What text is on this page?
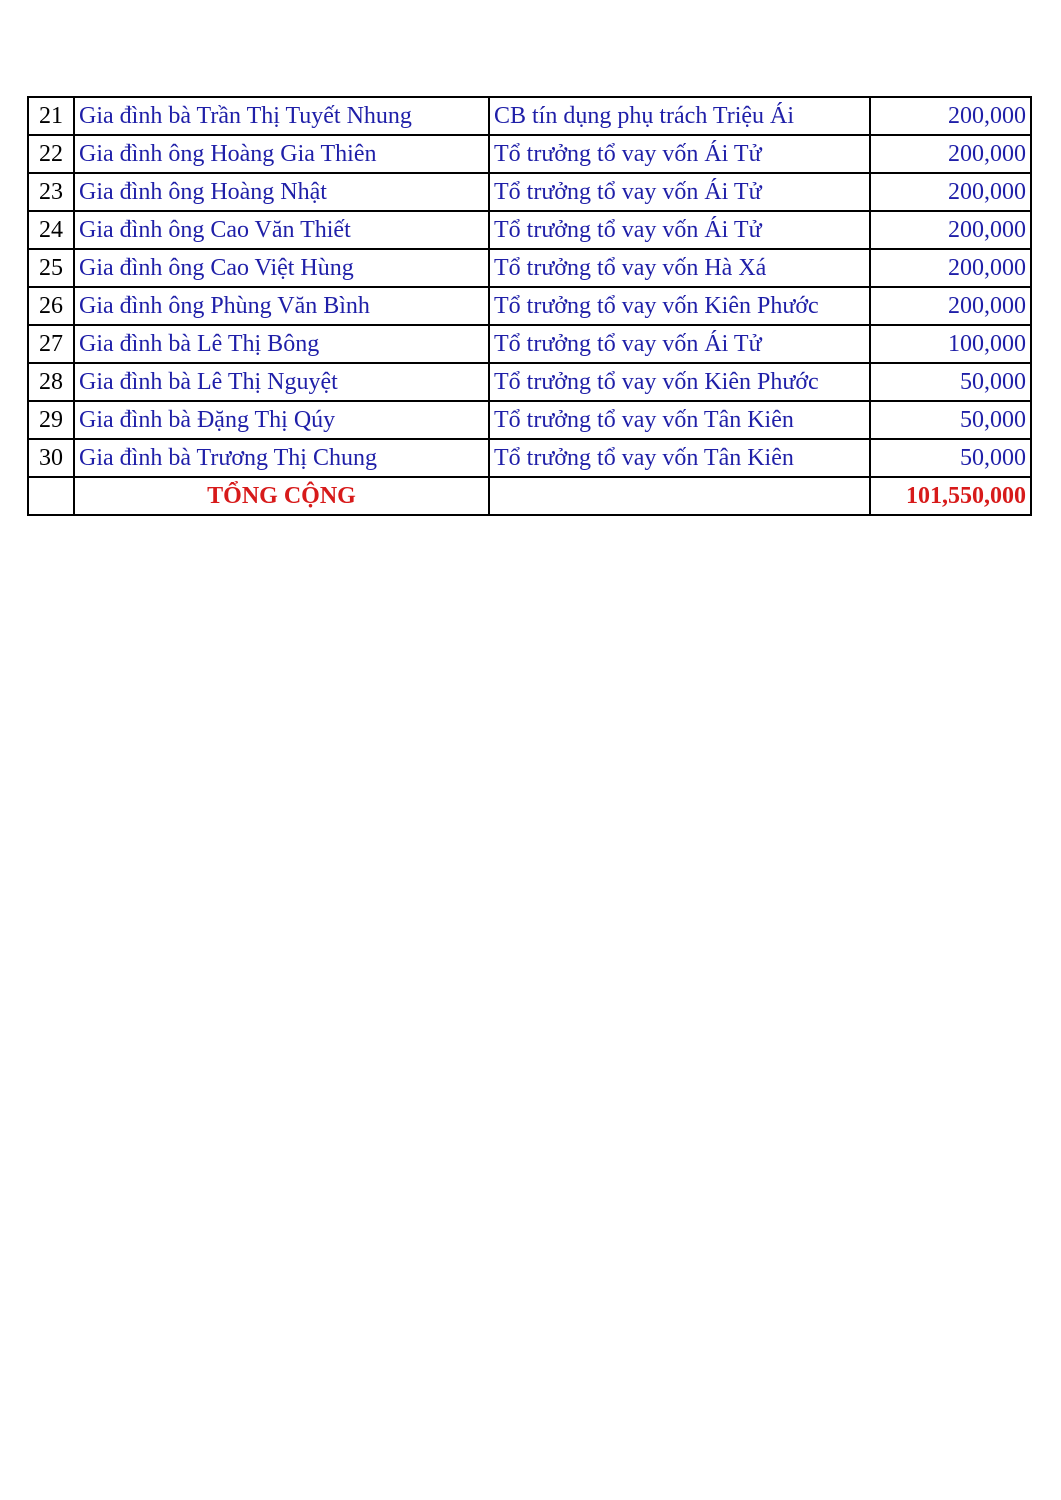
21	Gia đình bà Trần Thị Tuyết Nhung	CB tín dụng phụ trách Triệu Ái	200,000
22	Gia đình ông Hoàng Gia Thiên	Tổ trưởng tổ vay vốn Ái Tử	200,000
23	Gia đình ông Hoàng Nhật	Tổ trưởng tổ vay vốn Ái Tử	200,000
24	Gia đình ông Cao Văn Thiết	Tổ trưởng tổ vay vốn Ái Tử	200,000
25	Gia đình ông Cao Việt Hùng	Tổ trưởng tổ vay vốn Hà Xá	200,000
26	Gia đình ông Phùng Văn Bình	Tổ trưởng tổ vay vốn Kiên Phước	200,000
27	Gia đình bà Lê Thị Bông	Tổ trưởng tổ vay vốn Ái Tử	100,000
28	Gia đình bà Lê Thị Nguyệt	Tổ trưởng tổ vay vốn Kiên Phước	50,000
29	Gia đình bà Đặng Thị Qúy	Tổ trưởng tổ vay vốn Tân Kiên	50,000
30	Gia đình bà Trương Thị Chung	Tổ trưởng tổ vay vốn Tân Kiên	50,000
	TỔNG CỘNG		101,550,000
